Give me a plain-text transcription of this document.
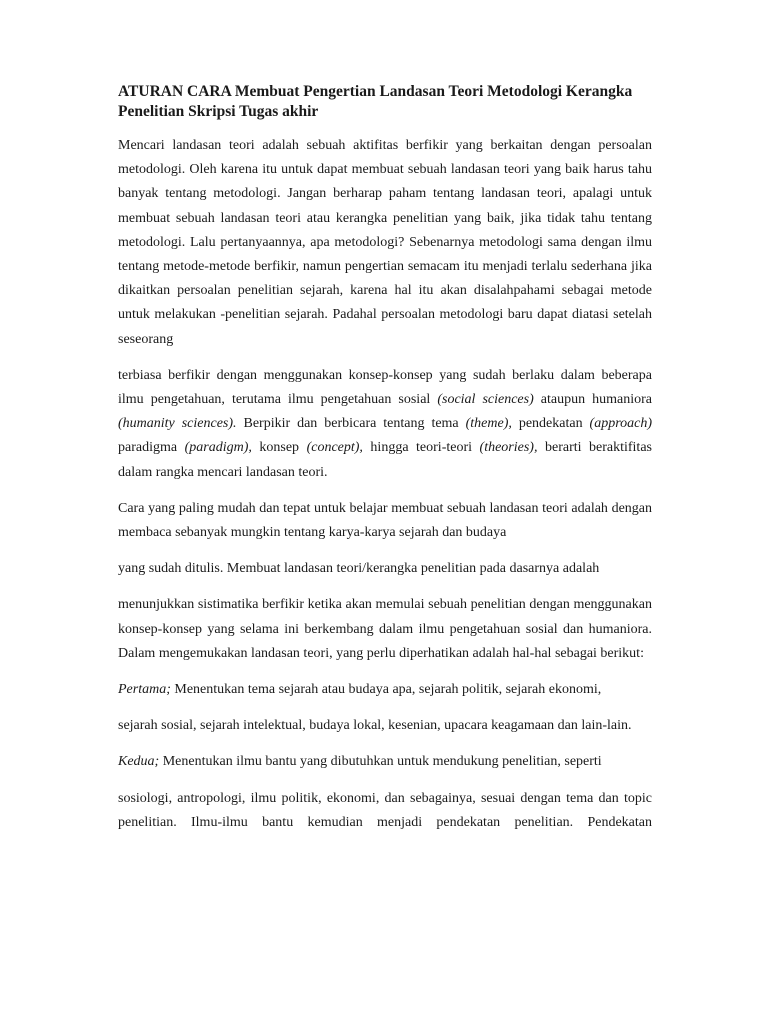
ATURAN CARA Membuat Pengertian Landasan Teori Metodologi Kerangka Penelitian Skripsi Tugas akhir

Mencari landasan teori adalah sebuah aktifitas berfikir yang berkaitan dengan persoalan metodologi. Oleh karena itu untuk dapat membuat sebuah landasan teori yang baik harus tahu banyak tentang metodologi. Jangan berharap paham tentang landasan teori, apalagi untuk membuat sebuah landasan teori atau kerangka penelitian yang baik, jika tidak tahu tentang metodologi. Lalu pertanyaannya, apa metodologi? Sebenarnya metodologi sama dengan ilmu tentang metode-metode berfikir, namun pengertian semacam itu menjadi terlalu sederhana jika dikaitkan persoalan penelitian sejarah, karena hal itu akan disalahpahami sebagai metode untuk melakukan -penelitian sejarah. Padahal persoalan metodologi baru dapat diatasi setelah seseorang

terbiasa berfikir dengan menggunakan konsep-konsep yang sudah berlaku dalam beberapa ilmu pengetahuan, terutama ilmu pengetahuan sosial (social sciences) ataupun humaniora (humanity sciences). Berpikir dan berbicara tentang tema (theme), pendekatan (approach) paradigma (paradigm), konsep (concept), hingga teori-teori (theories), berarti beraktifitas dalam rangka mencari landasan teori.

Cara yang paling mudah dan tepat untuk belajar membuat sebuah landasan teori adalah dengan membaca sebanyak mungkin tentang karya-karya sejarah dan budaya

yang sudah ditulis. Membuat landasan teori/kerangka penelitian pada dasarnya adalah

menunjukkan sistimatika berfikir ketika akan memulai sebuah penelitian dengan menggunakan konsep-konsep yang selama ini berkembang dalam ilmu pengetahuan sosial dan humaniora. Dalam mengemukakan landasan teori, yang perlu diperhatikan adalah hal-hal sebagai berikut:

Pertama; Menentukan tema sejarah atau budaya apa, sejarah politik, sejarah ekonomi,

sejarah sosial, sejarah intelektual, budaya lokal, kesenian, upacara keagamaan dan lain-lain.

Kedua; Menentukan ilmu bantu yang dibutuhkan untuk mendukung penelitian, seperti

sosiologi, antropologi, ilmu politik, ekonomi, dan sebagainya, sesuai dengan tema dan topic penelitian. Ilmu-ilmu bantu kemudian menjadi pendekatan penelitian. Pendekatan
